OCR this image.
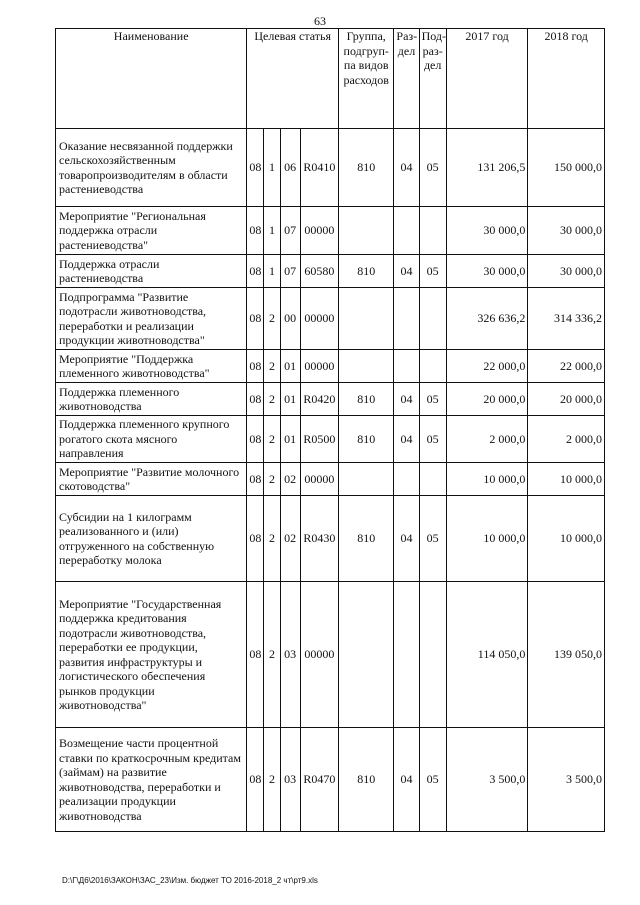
63
Наименование	Целевая статья				Группа, подгруп-па видов расходов	Раз-дел	Под-раз-дел	2017 год	2018 год
Оказание несвязанной поддержки сельскохозяйственным товаропроизводителям в области растениеводства	08	1	06	R0410	810	04	05	131 206,5	150 000,0
Мероприятие "Региональная поддержка отрасли растениеводства"	08	1	07	00000				30 000,0	30 000,0
Поддержка отрасли растениеводства	08	1	07	60580	810	04	05	30 000,0	30 000,0
Подпрограмма "Развитие подотрасли животноводства, переработки и реализации продукции животноводства"	08	2	00	00000				326 636,2	314 336,2
Мероприятие "Поддержка племенного животноводства"	08	2	01	00000				22 000,0	22 000,0
Поддержка племенного животноводства	08	2	01	R0420	810	04	05	20 000,0	20 000,0
Поддержка племенного крупного рогатого скота мясного направления	08	2	01	R0500	810	04	05	2 000,0	2 000,0
Мероприятие "Развитие молочного скотоводства"	08	2	02	00000				10 000,0	10 000,0
Субсидии на 1 килограмм реализованного и (или) отгруженного на собственную переработку молока	08	2	02	R0430	810	04	05	10 000,0	10 000,0
Мероприятие "Государственная поддержка кредитования подотрасли животноводства, переработки ее продукции, развития инфраструктуры и логистического обеспечения рынков продукции животноводства"	08	2	03	00000				114 050,0	139 050,0
Возмещение части процентной ставки по краткосрочным кредитам (займам) на развитие животноводства, переработки и реализации продукции животноводства	08	2	03	R0470	810	04	05	3 500,0	3 500,0
D:\Г\Д6\2016\ЗАКОН\ЗАС_23\Изм. бюджет ТО 2016-2018_2 чт\рт9.xls
